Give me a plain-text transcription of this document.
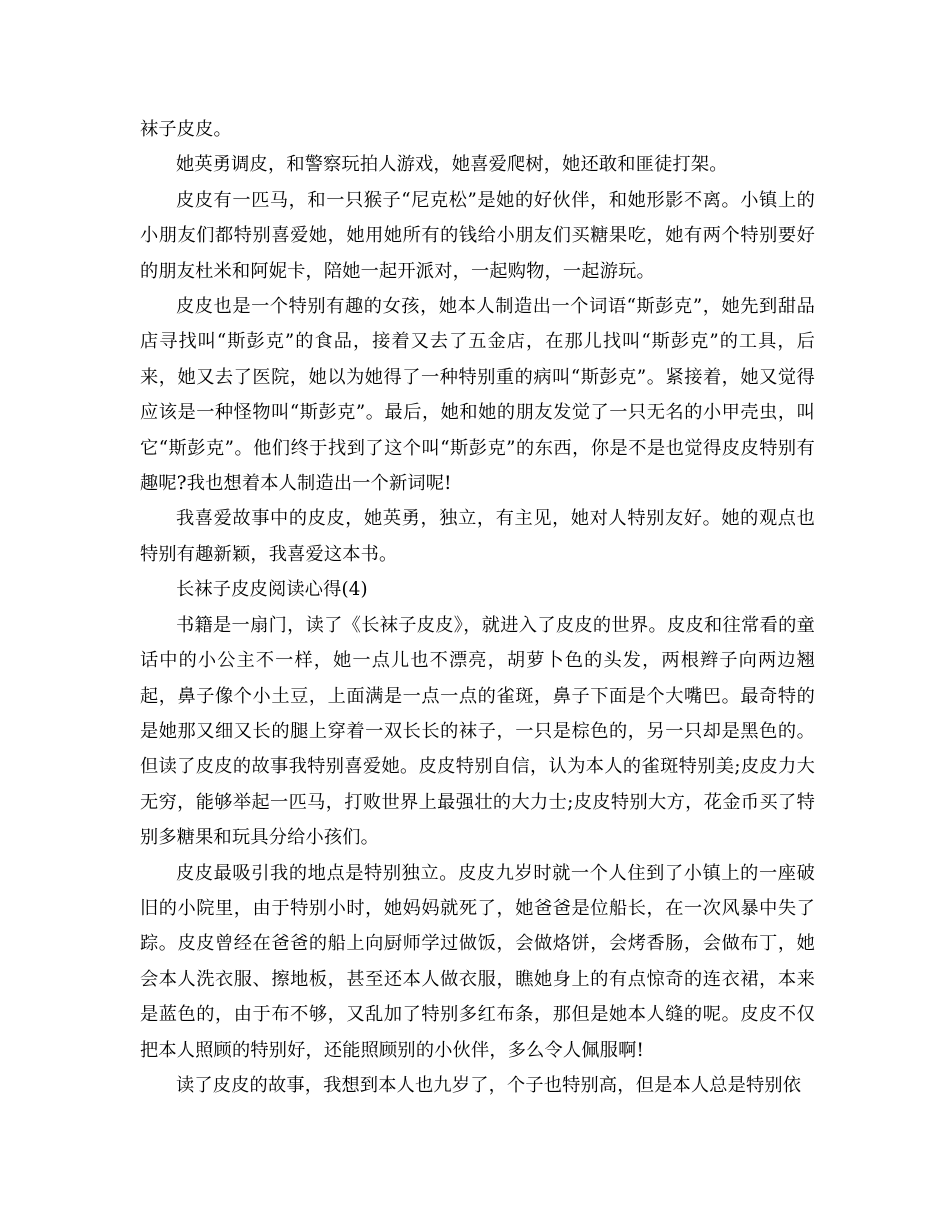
袜子皮皮。

她英勇调皮，和警察玩拍人游戏，她喜爱爬树，她还敢和匪徒打架。

皮皮有一匹马，和一只猴子“尼克松”是她的好伙伴，和她形影不离。小镇上的小朋友们都特别喜爱她，她用她所有的钱给小朋友们买糖果吃，她有两个特别要好的朋友杜米和阿妮卡，陪她一起开派对，一起购物，一起游玩。

皮皮也是一个特别有趣的女孩，她本人制造出一个词语“斯彭克”，她先到甜品店寻找叫“斯彭克”的食品，接着又去了五金店，在那儿找叫“斯彭克”的工具，后来，她又去了医院，她以为她得了一种特别重的病叫“斯彭克”。紧接着，她又觉得应该是一种怪物叫“斯彭克”。最后，她和她的朋友发觉了一只无名的小甲壳虫，叫它“斯彭克”。他们终于找到了这个叫“斯彭克”的东西，你是不是也觉得皮皮特别有趣呢?我也想着本人制造出一个新词呢!

我喜爱故事中的皮皮，她英勇，独立，有主见，她对人特别友好。她的观点也特别有趣新颖，我喜爱这本书。

长袜子皮皮阅读心得(4)

书籍是一扇门，读了《长袜子皮皮》，就进入了皮皮的世界。皮皮和往常看的童话中的小公主不一样，她一点儿也不漂亮，胡萝卜色的头发，两根辫子向两边翘起，鼻子像个小土豆，上面满是一点一点的雀斑，鼻子下面是个大嘴巴。最奇特的是她那又细又长的腿上穿着一双长长的袜子，一只是棕色的，另一只却是黑色的。但读了皮皮的故事我特别喜爱她。皮皮特别自信，认为本人的雀斑特别美;皮皮力大无穷，能够举起一匹马，打败世界上最强壮的大力士;皮皮特别大方，花金币买了特别多糖果和玩具分给小孩们。

皮皮最吸引我的地点是特别独立。皮皮九岁时就一个人住到了小镇上的一座破旧的小院里，由于特别小时，她妈妈就死了，她爸爸是位船长，在一次风暴中失了踪。皮皮曾经在爸爸的船上向厨师学过做饭，会做烙饼，会烤香肠，会做布丁，她会本人洗衣服、擦地板，甚至还本人做衣服，瞧她身上的有点惊奇的连衣裙，本来是蓝色的，由于布不够，又乱加了特别多红布条，那但是她本人缝的呢。皮皮不仅把本人照顾的特别好，还能照顾别的小伙伴，多么令人佩服啊!

读了皮皮的故事，我想到本人也九岁了，个子也特别高，但是本人总是特别依
